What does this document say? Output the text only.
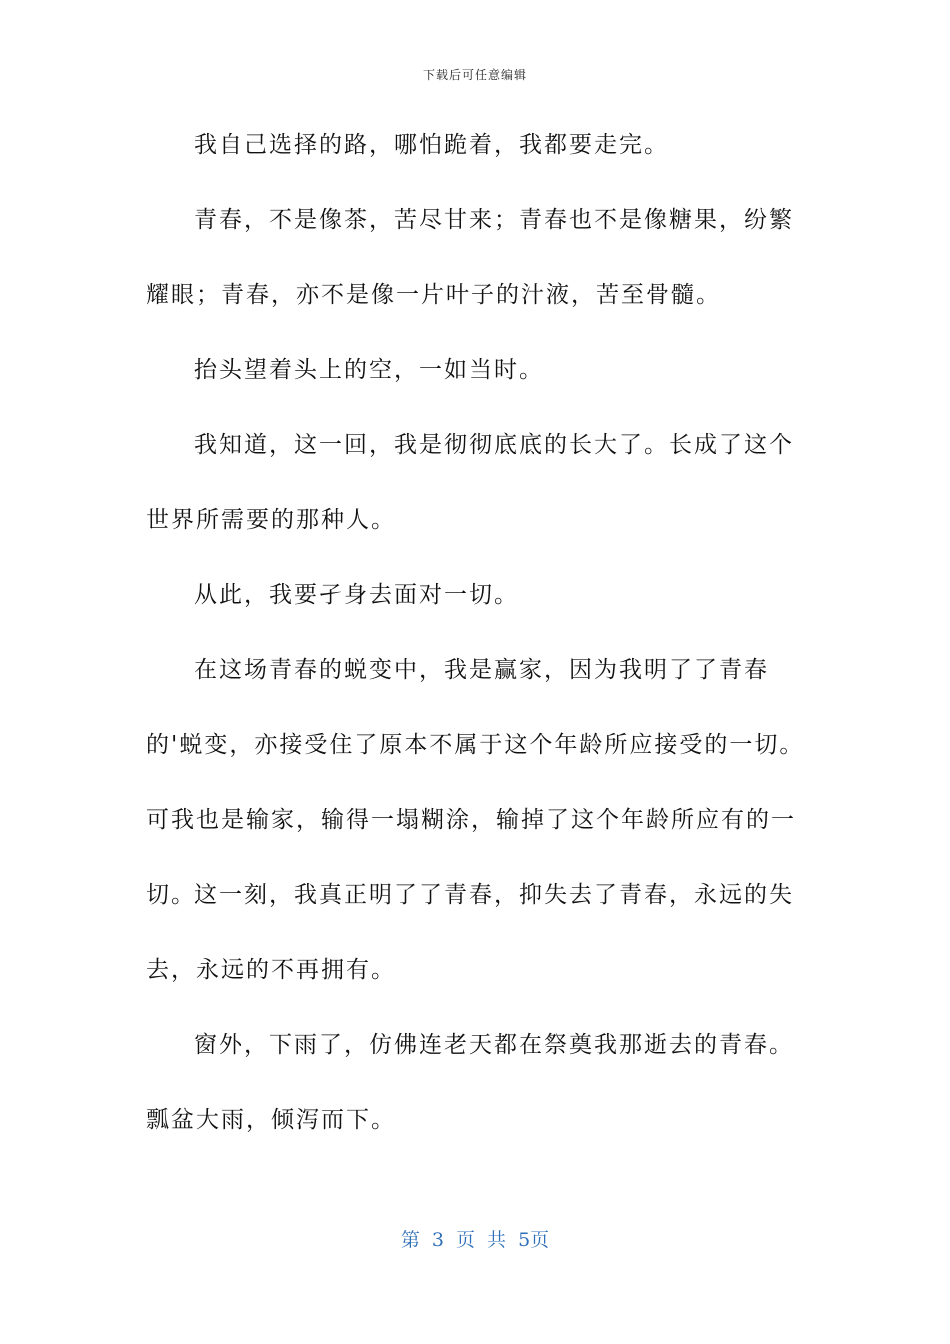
下载后可任意编辑

我自己选择的路，哪怕跪着，我都要走完。

青春，不是像茶，苦尽甘来；青春也不是像糖果，纷繁耀眼；青春，亦不是像一片叶子的汁液，苦至骨髓。

抬头望着头上的空，一如当时。

我知道，这一回，我是彻彻底底的长大了。长成了这个世界所需要的那种人。

从此，我要孑身去面对一切。

在这场青春的蜕变中，我是赢家，因为我明了了青春的'蜕变，亦接受住了原本不属于这个年龄所应接受的一切。可我也是输家，输得一塌糊涂，输掉了这个年龄所应有的一切。

这一刻，我真正明了了青春，抑失去了青春，永远的失去，永远的不再拥有。

窗外，下雨了，仿佛连老天都在祭奠我那逝去的青春。瓢盆大雨，倾泻而下。

第 3 页 共 5页
